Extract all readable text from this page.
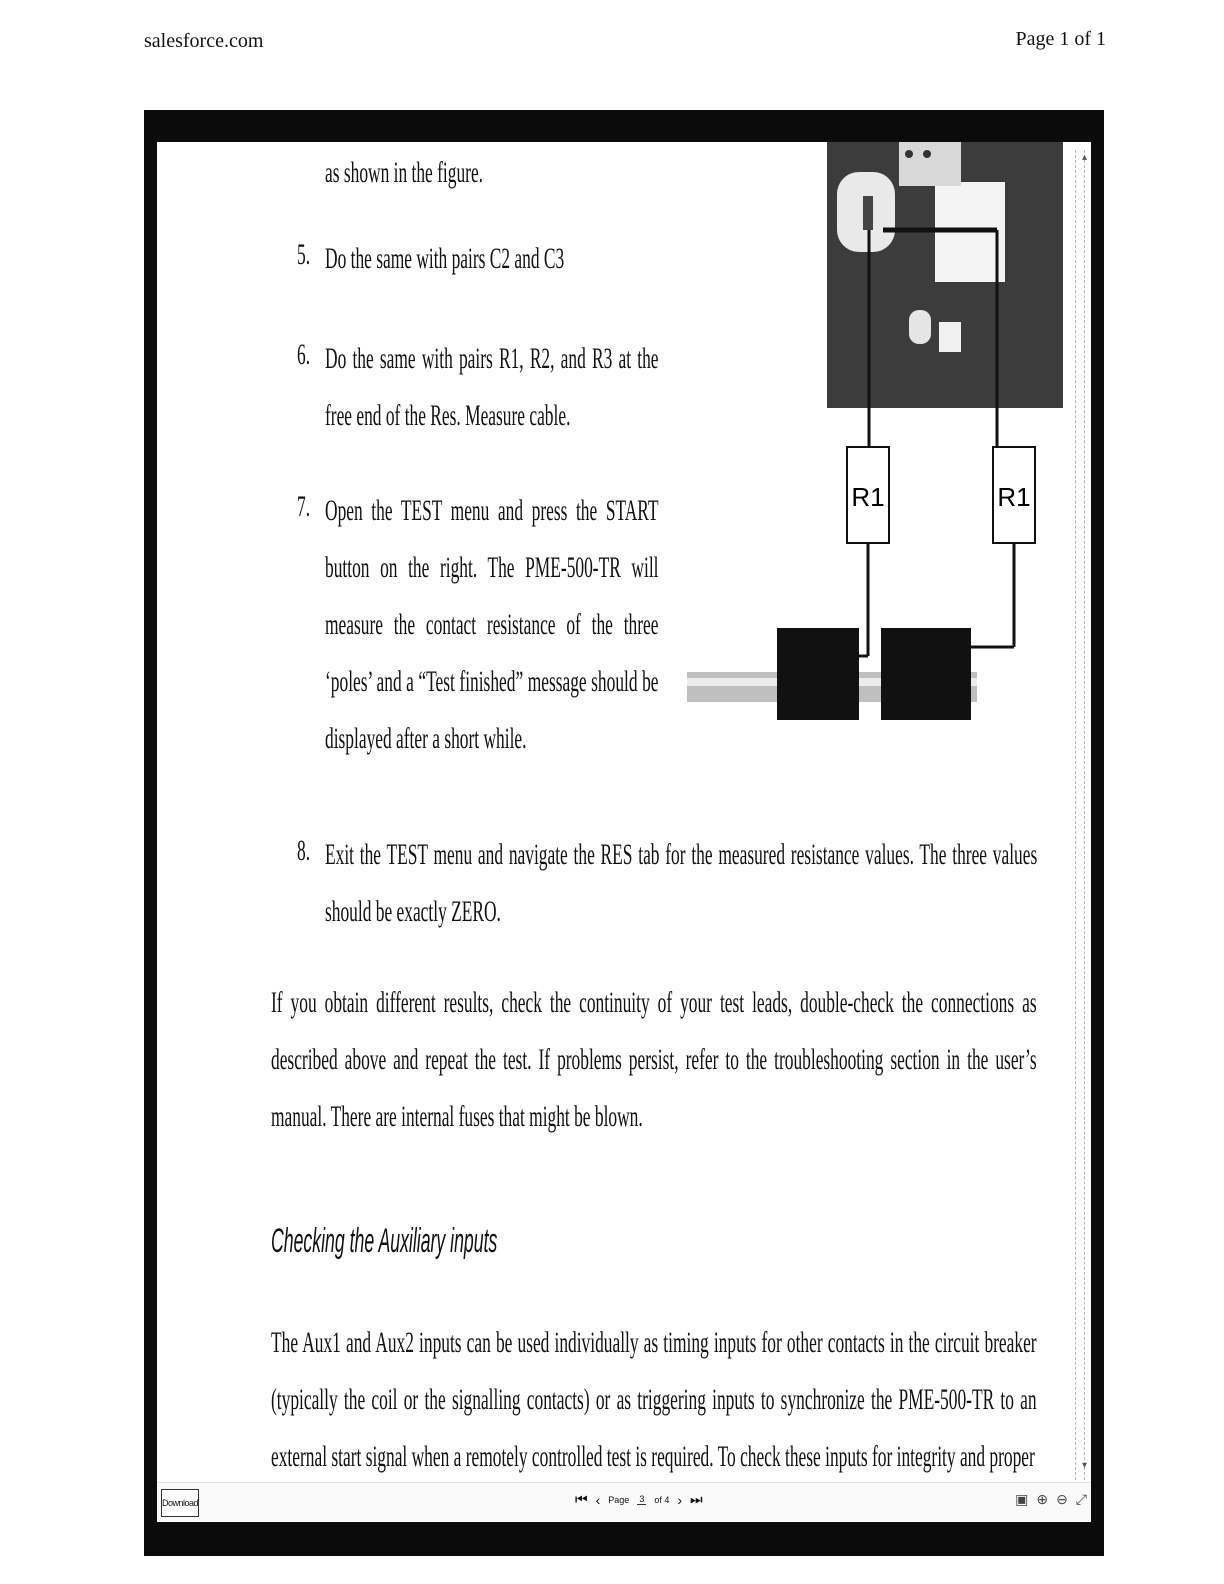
salesforce.com	Page 1 of 1
R1	R1
as shown in the figure.
5. Do the same with pairs C2 and C3
6. Do the same with pairs R1, R2, and R3 at the free end of the Res. Measure cable.
7. Open the TEST menu and press the START button on the right. The PME-500-TR will measure the contact resistance of the three ‘poles’ and a “Test finished” message should be displayed after a short while.
8. Exit the TEST menu and navigate the RES tab for the measured resistance values. The three values should be exactly ZERO.
If you obtain different results, check the continuity of your test leads, double-check the connections as described above and repeat the test. If problems persist, refer to the troubleshooting section in the user’s manual. There are internal fuses that might be blown.
Checking the Auxiliary inputs
The Aux1 and Aux2 inputs can be used individually as timing inputs for other contacts in the circuit breaker (typically the coil or the signalling contacts) or as triggering inputs to synchronize the PME-500-TR to an external start signal when a remotely controlled test is required. To check these inputs for integrity and proper
▴
▾
Download	⏮ ‹ Page 3 of 4 › ⏭	▣ ⊕ ⊖ ⤢
